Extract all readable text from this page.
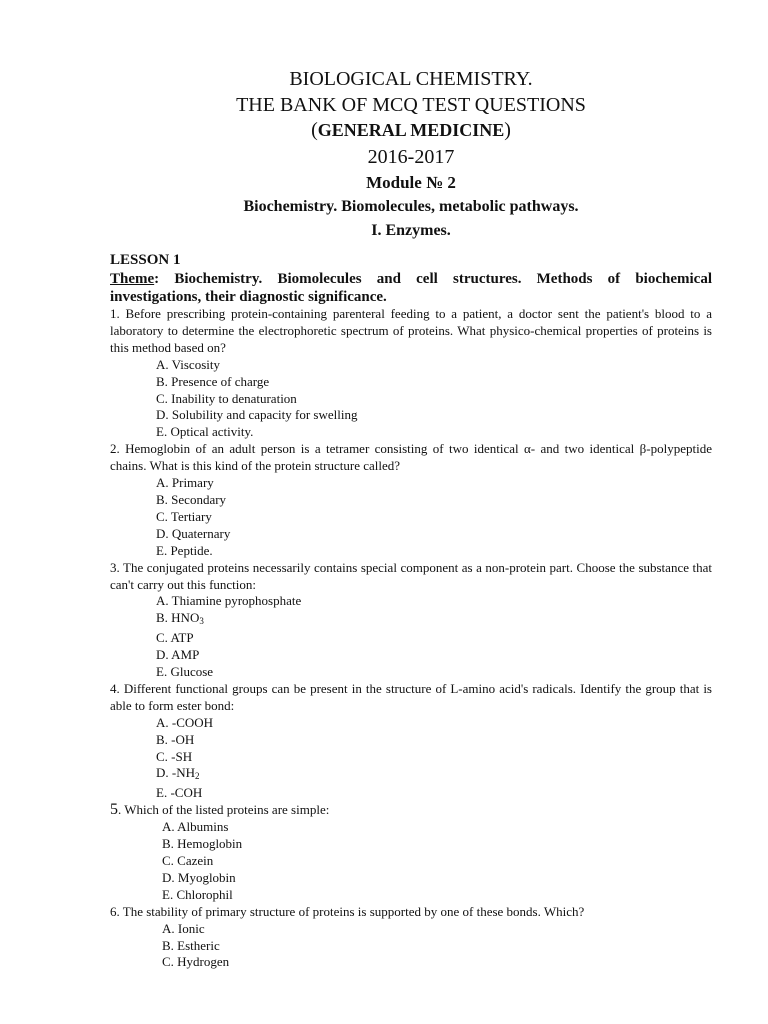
BIOLOGICAL CHEMISTRY.
THE BANK OF MCQ TEST QUESTIONS
(GENERAL MEDICINE)
2016-2017
Module № 2
Biochemistry. Biomolecules, metabolic pathways.
I. Enzymes.
LESSON 1
Theme: Biochemistry. Biomolecules and cell structures. Methods of biochemical investigations, their diagnostic significance.
1. Before prescribing protein-containing parenteral feeding to a patient, a doctor sent the patient's blood to a laboratory to determine the electrophoretic spectrum of proteins. What physico-chemical properties of proteins is this method based on?
A. Viscosity
B. Presence of charge
C. Inability to denaturation
D. Solubility and capacity for swelling
E. Optical activity.
2. Hemoglobin of an adult person is a tetramer consisting of two identical α- and two identical β-polypeptide chains. What is this kind of the protein structure called?
A. Primary
B. Secondary
C. Tertiary
D. Quaternary
E. Peptide.
3. The conjugated proteins necessarily contains special component as a non-protein part. Choose the substance that can't carry out this function:
A. Thiamine pyrophosphate
B. $HNO_3$
C. ATP
D. AMP
E. Glucose
4. Different functional groups can be present in the structure of L-amino acid's radicals. Identify the group that is able to form ester bond:
A. -COOH
B. -OH
C. -SH
D. $-NH_2$
E. -COH
5. Which of the listed proteins are simple:
A. Albumins
B. Hemoglobin
C. Cazein
D. Myoglobin
E. Chlorophil
6. The stability of primary structure of proteins is supported by one of these bonds. Which?
A. Ionic
B. Estheric
C. Hydrogen
